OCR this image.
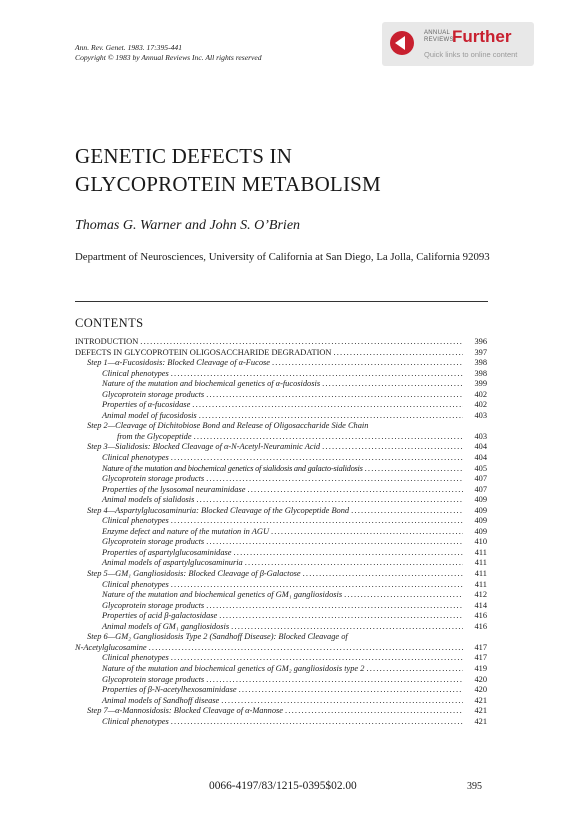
Ann. Rev. Genet. 1983. 17:395-441
Copyright © 1983 by Annual Reviews Inc. All rights reserved
ANNUAL
REVIEWS
Further
Quick links to online content
GENETIC DEFECTS IN
GLYCOPROTEIN METABOLISM
Thomas G. Warner and John S. O’Brien
Department of Neurosciences, University of California at San Diego, La Jolla, California 92093
CONTENTS
INTRODUCTION .....	396
DEFECTS IN GLYCOPROTEIN OLIGOSACCHARIDE DEGRADATION .....	397
Step 1—α-Fucosidosis: Blocked Cleavage of α-Fucose .....	398
Clinical phenotypes .....	398
Nature of the mutation and biochemical genetics of α-fucosidosis .....	399
Glycoprotein storage products .....	402
Properties of α-fucosidase .....	402
Animal model of fucosidosis .....	403
Step 2—Cleavage of Dichitobiose Bond and Release of Oligosaccharide Side Chain
from the Glycopeptide .....	403
Step 3—Sialidosis: Blocked Cleavage of α-N-Acetyl-Neuraminic Acid .....	404
Clinical phenotypes .....	404
Nature of the mutation and biochemical genetics of sialidosis and galacto-sialidosis .....	405
Glycoprotein storage products .....	407
Properties of the lysosomal neuraminidase .....	407
Animal models of sialidosis .....	409
Step 4—Aspartylglucosaminuria: Blocked Cleavage of the Glycopeptide Bond .....	409
Clinical phenotypes .....	409
Enzyme defect and nature of the mutation in AGU .....	409
Glycoprotein storage products .....	410
Properties of aspartylglucosaminidase .....	411
Animal models of aspartylglucosaminuria .....	411
Step 5—GM₁ Gangliosidosis: Blocked Cleavage of β-Galactose .....	411
Clinical phenotypes .....	411
Nature of the mutation and biochemical genetics of GM₁ gangliosidosis .....	412
Glycoprotein storage products .....	414
Properties of acid β-galactosidase .....	416
Animal models of GM₁ gangliosidosis .....	416
Step 6—GM₂ Gangliosidosis Type 2 (Sandhoff Disease): Blocked Cleavage of
N-Acetylglucosamine .....	417
Clinical phenotypes .....	417
Nature of the mutation and biochemical genetics of GM₂ gangliosidosis type 2 .....	419
Glycoprotein storage products .....	420
Properties of β-N-acetylhexosaminidase .....	420
Animal models of Sandhoff disease .....	421
Step 7—α-Mannosidosis: Blocked Cleavage of α-Mannose .....	421
Clinical phenotypes .....	421
395
0066-4197/83/1215-0395$02.00
